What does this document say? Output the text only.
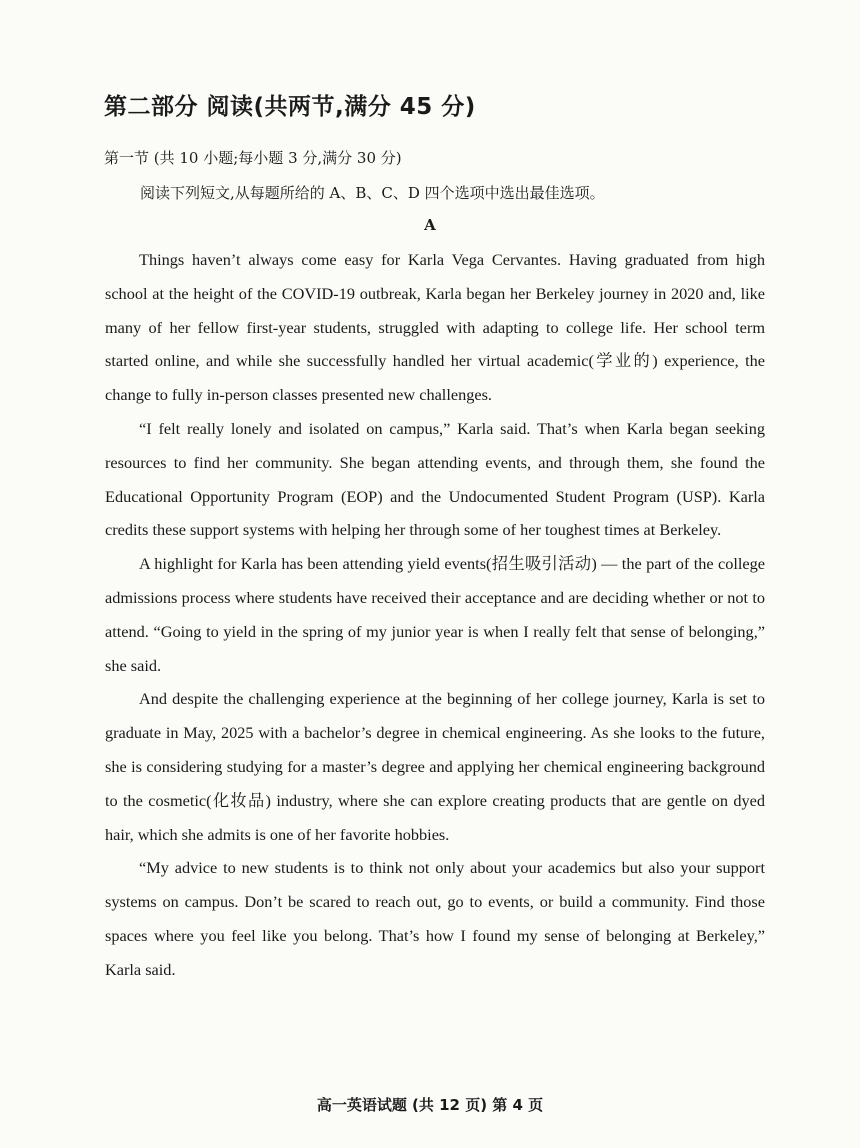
第二部分 阅读(共两节,满分 45 分)

第一节 (共 10 小题;每小题 3 分,满分 30 分)

阅读下列短文,从每题所给的 A、B、C、D 四个选项中选出最佳选项。

A

Things haven’t always come easy for Karla Vega Cervantes. Having graduated from high school at the height of the COVID-19 outbreak, Karla began her Berkeley journey in 2020 and, like many of her fellow first-year students, struggled with adapting to college life. Her school term started online, and while she successfully handled her virtual academic(学业的) experience, the change to fully in-person classes presented new challenges.

“I felt really lonely and isolated on campus,” Karla said. That’s when Karla began seeking resources to find her community. She began attending events, and through them, she found the Educational Opportunity Program (EOP) and the Undocumented Student Program (USP). Karla credits these support systems with helping her through some of her toughest times at Berkeley.

A highlight for Karla has been attending yield events(招生吸引活动) — the part of the college admissions process where students have received their acceptance and are deciding whether or not to attend. “Going to yield in the spring of my junior year is when I really felt that sense of belonging,” she said.

And despite the challenging experience at the beginning of her college journey, Karla is set to graduate in May, 2025 with a bachelor’s degree in chemical engineering. As she looks to the future, she is considering studying for a master’s degree and applying her chemical engineering background to the cosmetic(化妆品) industry, where she can explore creating products that are gentle on dyed hair, which she admits is one of her favorite hobbies.

“My advice to new students is to think not only about your academics but also your support systems on campus. Don’t be scared to reach out, go to events, or build a community. Find those spaces where you feel like you belong. That’s how I found my sense of belonging at Berkeley,” Karla said.

高一英语试题 (共 12 页) 第 4 页
